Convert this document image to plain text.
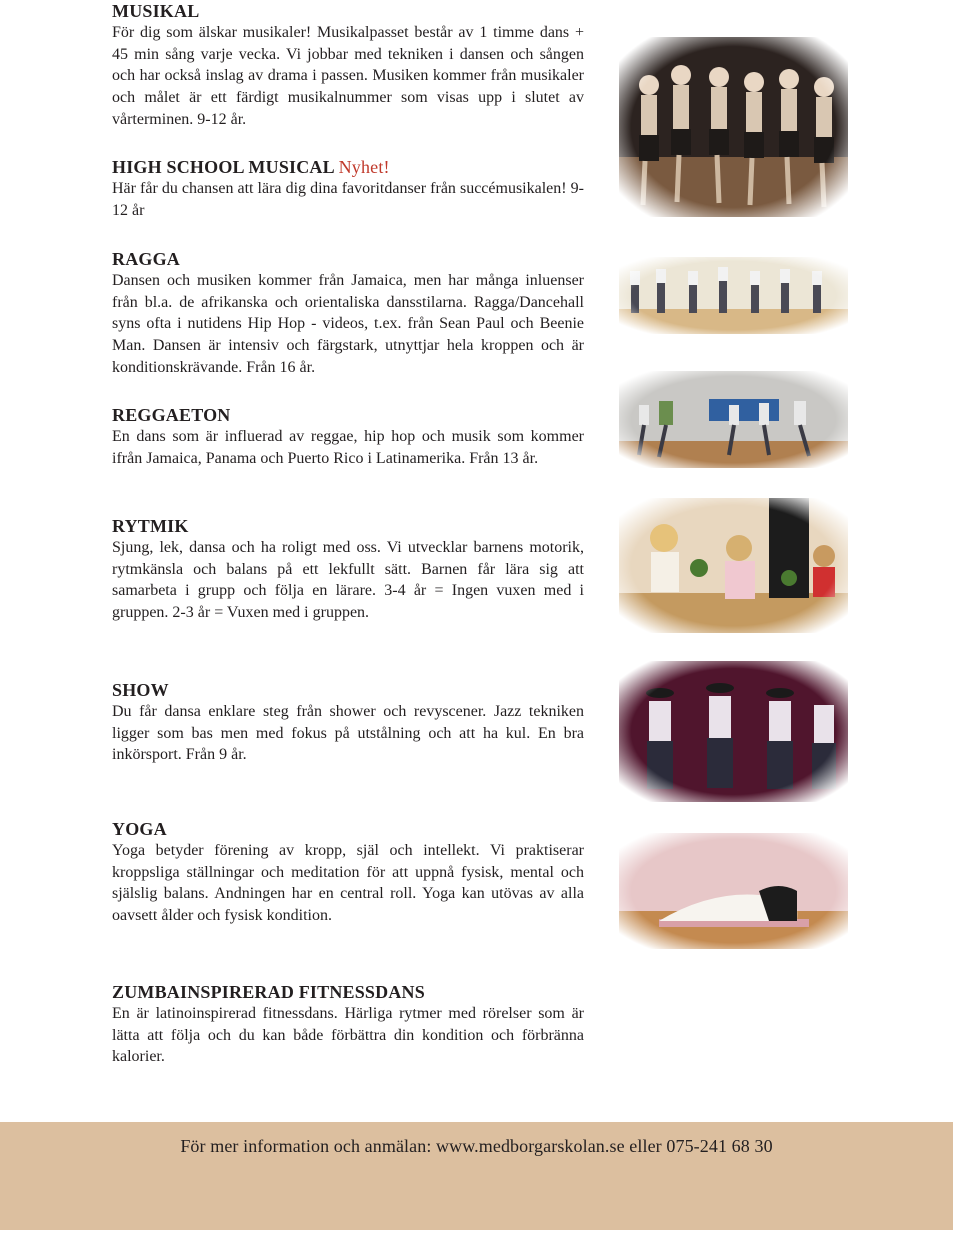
MUSIKAL

För dig som älskar musikaler! Musikalpasset består av 1 timme dans + 45 min sång varje vecka. Vi jobbar med tekniken i dansen och sången och har också inslag av drama i passen. Musiken kommer från musikaler och målet är ett färdigt musikalnummer som visas upp i slutet av vårterminen. 9-12 år.

HIGH SCHOOL MUSICAL Nyhet!

Här får du chansen att lära dig dina favoritdanser från succémusikalen! 9-12 år

RAGGA

Dansen och musiken kommer från Jamaica, men har många inluenser från bl.a. de afrikanska och orientaliska dansstilarna. Ragga/Dancehall syns ofta i nutidens Hip Hop - videos, t.ex. från Sean Paul och Beenie Man. Dansen är intensiv och färgstark, utnyttjar hela kroppen och är konditionskrävande. Från 16 år.

REGGAETON

En dans som är influerad av reggae, hip hop och musik som kommer ifrån Jamaica, Panama och Puerto Rico i Latinamerika. Från 13 år.

RYTMIK

Sjung, lek, dansa och ha roligt med oss. Vi utvecklar barnens motorik, rytmkänsla och balans på ett lekfullt sätt. Barnen får lära sig att samarbeta i grupp och följa en lärare. 3-4 år = Ingen vuxen med i gruppen. 2-3 år = Vuxen med i gruppen.

SHOW

Du får dansa enklare steg från shower och revyscener. Jazz tekniken ligger som bas men med fokus på utstålning och att ha kul. En bra inkörsport. Från 9 år.

YOGA

Yoga betyder förening av kropp, själ och intellekt. Vi praktiserar kroppsliga ställningar och meditation för att uppnå fysisk, mental och själslig balans. Andningen har en central roll. Yoga kan utövas av alla oavsett ålder och fysisk kondition.

ZUMBAINSPIRERAD FITNESSDANS

En är latinoinspirerad fitnessdans. Härliga rytmer med rörelser som är lätta att följa och du kan både förbättra din kondition och förbränna kalorier.

För mer information och anmälan: www.medborgarskolan.se eller 075-241 68 30
